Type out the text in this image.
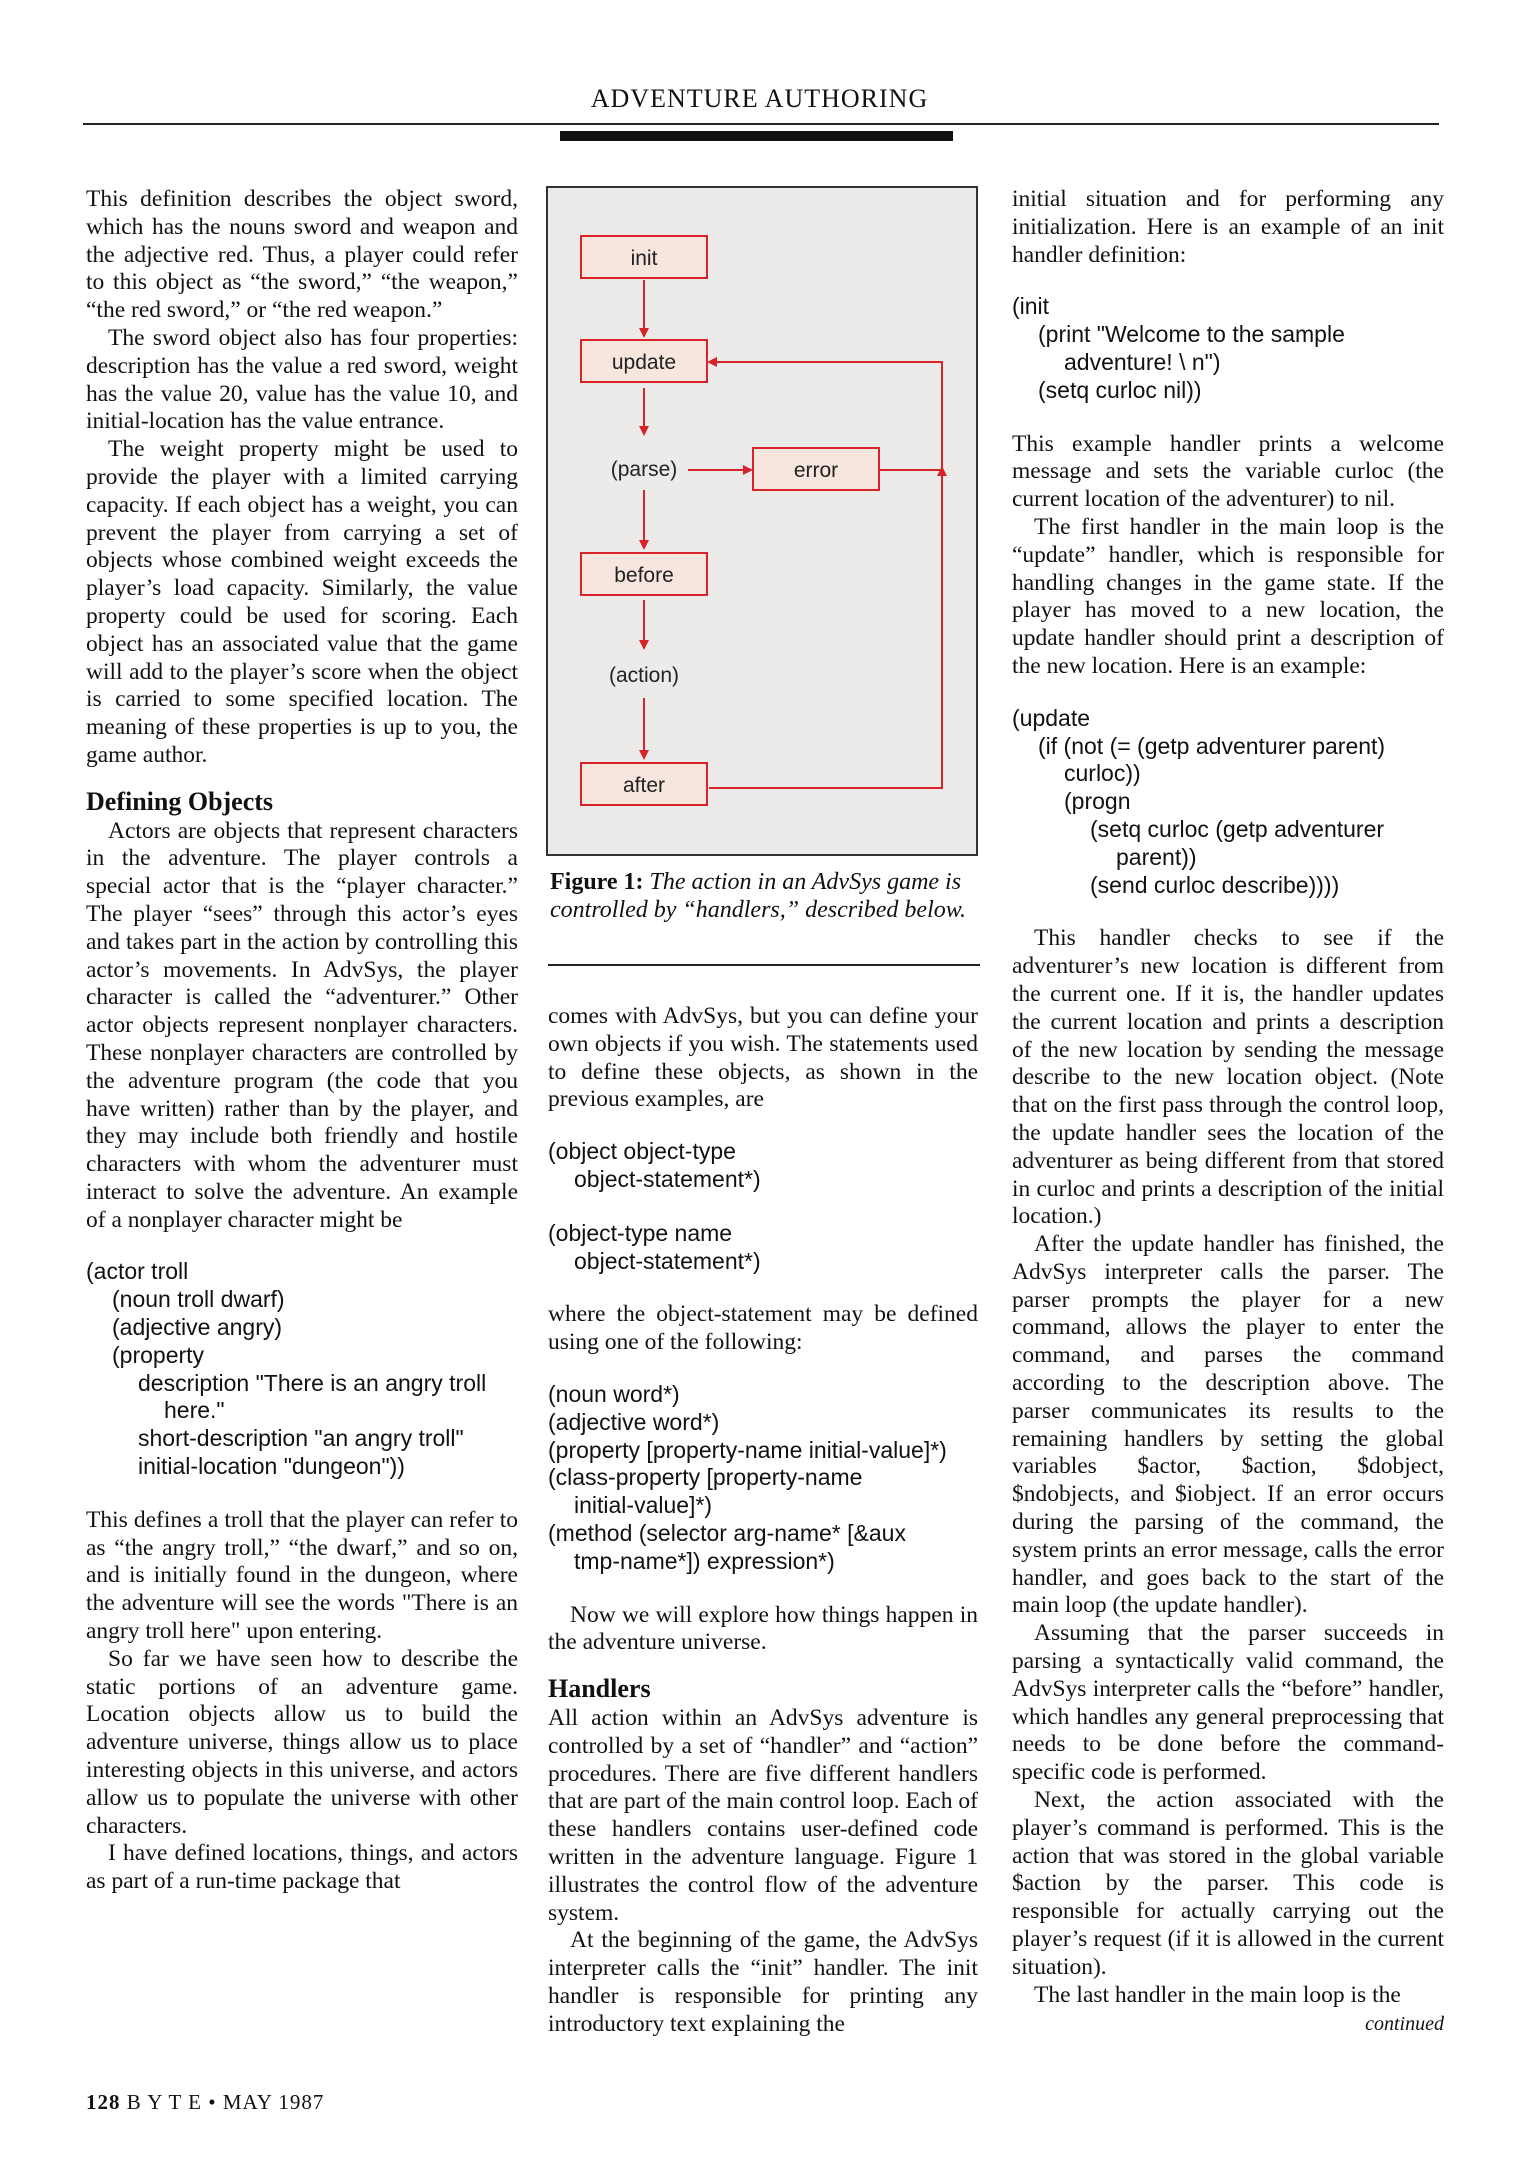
ADVENTURE AUTHORING

This definition describes the object sword, which has the nouns sword and weapon and the adjective red. Thus, a player could refer to this object as “the sword,” “the weapon,” “the red sword,” or “the red weapon.”

The sword object also has four properties: description has the value a red sword, weight has the value 20, value has the value 10, and initial-location has the value entrance.

The weight property might be used to provide the player with a limited carrying capacity. If each object has a weight, you can prevent the player from carrying a set of objects whose combined weight exceeds the player’s load capacity. Similarly, the value property could be used for scoring. Each object has an associated value that the game will add to the player’s score when the object is carried to some specified location. The meaning of these properties is up to you, the game author.

Defining Objects

Actors are objects that represent characters in the adventure. The player controls a special actor that is the “player character.” The player “sees” through this actor’s eyes and takes part in the action by controlling this actor’s movements. In AdvSys, the player character is called the “adventurer.” Other actor objects represent nonplayer characters. These nonplayer characters are controlled by the adventure program (the code that you have written) rather than by the player, and they may include both friendly and hostile characters with whom the adventurer must interact to solve the adventure. An example of a nonplayer character might be

(actor troll
(noun troll dwarf)
(adjective angry)
(property
description "There is an angry troll
here."
short-description "an angry troll"
initial-location "dungeon"))

This defines a troll that the player can refer to as “the angry troll,” “the dwarf,” and so on, and is initially found in the dungeon, where the adventure will see the words "There is an angry troll here" upon entering.

So far we have seen how to describe the static portions of an adventure game. Location objects allow us to build the adventure universe, things allow us to place interesting objects in this universe, and actors allow us to populate the universe with other characters.

I have defined locations, things, and actors as part of a run-time package that

init
update
(parse)	error
before
(action)
after
Figure 1: The action in an AdvSys game is controlled by “handlers,” described below.

comes with AdvSys, but you can define your own objects if you wish. The statements used to define these objects, as shown in the previous examples, are

(object object-type
object-statement*)
(object-type name
object-statement*)

where the object-statement may be defined using one of the following:

(noun word*)
(adjective word*)
(property [property-name initial-value]*)
(class-property [property-name
initial-value]*)
(method (selector arg-name* [&aux
tmp-name*]) expression*)

Now we will explore how things happen in the adventure universe.

Handlers

All action within an AdvSys adventure is controlled by a set of “handler” and “action” procedures. There are five different handlers that are part of the main control loop. Each of these handlers contains user-defined code written in the adventure language. Figure 1 illustrates the control flow of the adventure system.

At the beginning of the game, the AdvSys interpreter calls the “init” handler. The init handler is responsible for printing any introductory text explaining the

initial situation and for performing any initialization. Here is an example of an init handler definition:

(init
(print "Welcome to the sample
adventure! \ n")
(setq curloc nil))

This example handler prints a welcome message and sets the variable curloc (the current location of the adventurer) to nil.

The first handler in the main loop is the “update” handler, which is responsible for handling changes in the game state. If the player has moved to a new location, the update handler should print a description of the new location. Here is an example:

(update
(if (not (= (getp adventurer parent)
curloc))
(progn
(setq curloc (getp adventurer
parent))
(send curloc describe))))

This handler checks to see if the adventurer’s new location is different from the current one. If it is, the handler updates the current location and prints a description of the new location by sending the message describe to the new location object. (Note that on the first pass through the control loop, the update handler sees the location of the adventurer as being different from that stored in curloc and prints a description of the initial location.)

After the update handler has finished, the AdvSys interpreter calls the parser. The parser prompts the player for a new command, allows the player to enter the command, and parses the command according to the description above. The parser communicates its results to the remaining handlers by setting the global variables $actor, $action, $dobject, $ndobjects, and $iobject. If an error occurs during the parsing of the command, the system prints an error message, calls the error handler, and goes back to the start of the main loop (the update handler).

Assuming that the parser succeeds in parsing a syntactically valid command, the AdvSys interpreter calls the “before” handler, which handles any general preprocessing that needs to be done before the command-specific code is performed.

Next, the action associated with the player’s command is performed. This is the action that was stored in the global variable $action by the parser. This code is responsible for actually carrying out the player’s request (if it is allowed in the current situation).

The last handler in the main loop is the

continued
128 B Y T E • MAY 1987
